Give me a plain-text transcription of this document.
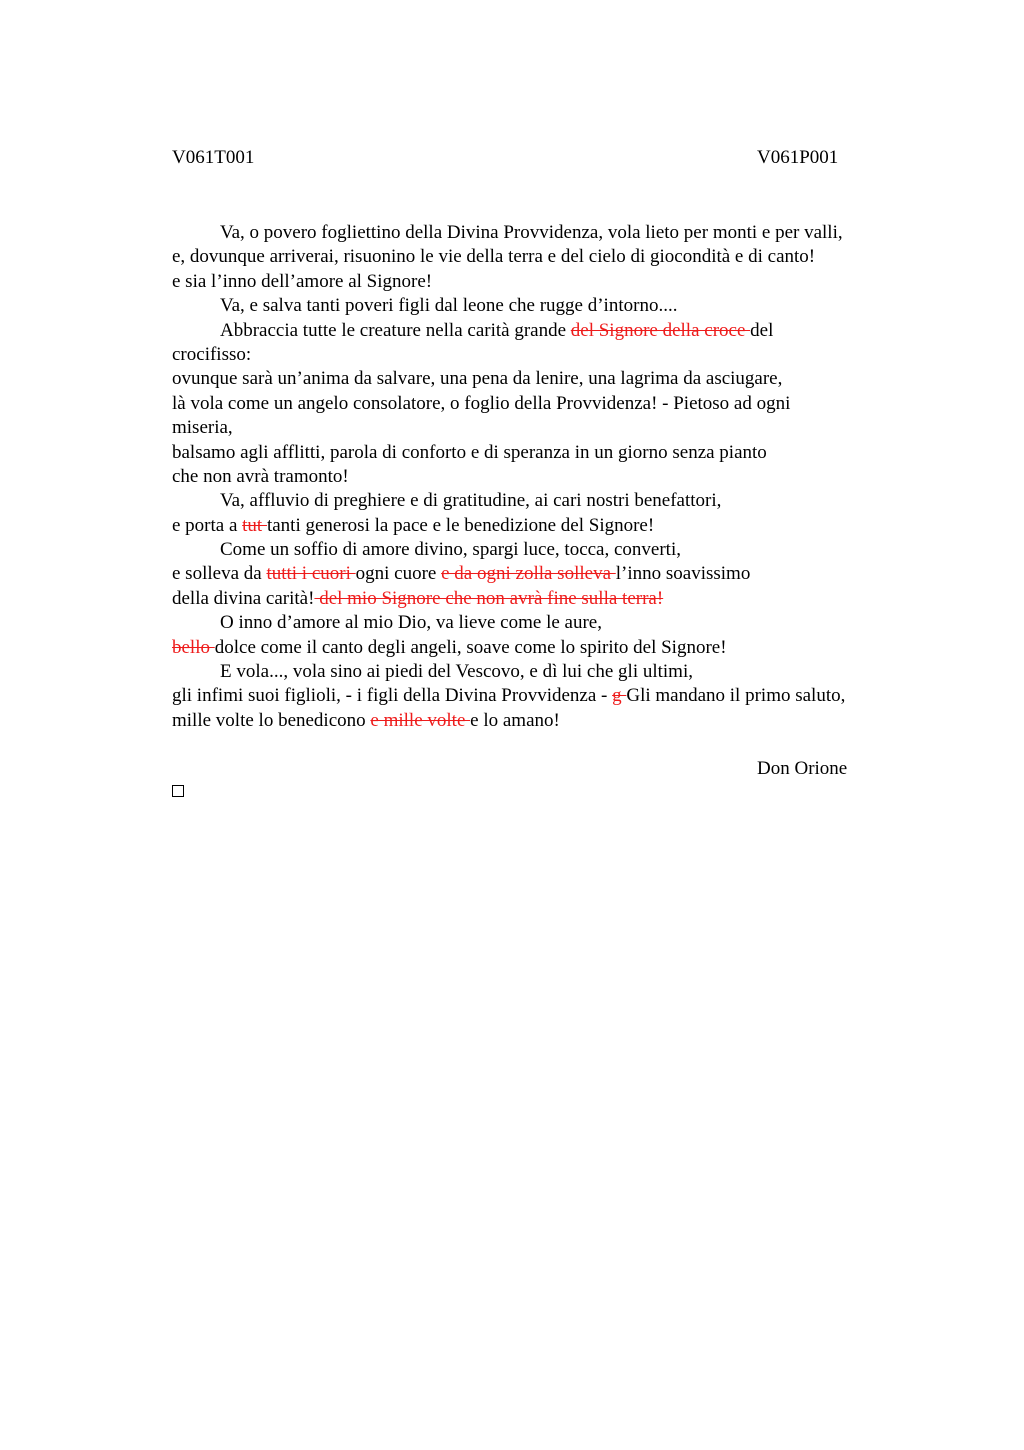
V061T001	V061P001
Va, o povero fogliettino della Divina Provvidenza, vola lieto per monti e per valli,
e, dovunque arriverai, risuonino le vie della terra e del cielo di giocondità e di canto!
e sia l’inno dell’amore al Signore!
Va, e salva tanti poveri figli dal leone che rugge d’intorno....
Abbraccia tutte le creature nella carità grande del Signore della croce del
crocifisso:
ovunque sarà un’anima da salvare, una pena da lenire, una lagrima da asciugare,
là vola come un angelo consolatore, o foglio della Provvidenza! - Pietoso ad ogni
miseria,
balsamo agli afflitti, parola di conforto e di speranza in un giorno senza pianto
che non avrà tramonto!
Va, affluvio di preghiere e di gratitudine, ai cari nostri benefattori,
e porta a tut tanti generosi la pace e le benedizione del Signore!
Come un soffio di amore divino, spargi luce, tocca, converti,
e solleva da tutti i cuori ogni cuore e da ogni zolla solleva l’inno soavissimo
della divina carità! del mio Signore che non avrà fine sulla terra!
O inno d’amore al mio Dio, va lieve come le aure,
bello dolce come il canto degli angeli, soave come lo spirito del Signore!
E vola..., vola sino ai piedi del Vescovo, e dì lui che gli ultimi,
gli infimi suoi figlioli, - i figli della Divina Provvidenza - g Gli mandano il primo saluto,
mille volte lo benedicono e mille volte e lo amano!
Don Orione
